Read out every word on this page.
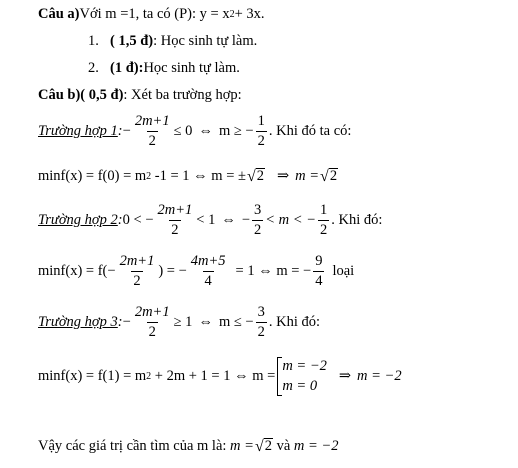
Câu a) Với m =1, ta có (P): y = x 2 + 3x.
1. ( 1,5 đ) : Học sinh tự làm.
2. (1 đ): Học sinh tự làm.
Câu b)( 0,5 đ) : Xét ba trường hợp:
Trường hợp 1 : − $\frac{2m+1}{2} \le 0$ ⇔ m ≥ − $\frac{1}{2}$ . Khi đó ta có:
minf(x) = f(0) = m 2 -1 = 1 ⇔ m = ± √ 2 ⇒ m = √ 2
Trường hợp 2 : 0 < − $\frac{2m+1}{2} < 1$ ⇔ − $\frac{3}{2} < m$ < − $\frac{1}{2}$ . Khi đó:
$\min f(x) = f(- \frac{2m+1}{2}$ ) = − $\frac{4m+5}{4} = 1$ ⇔ m = − $\frac{9}{4}$ loại
Trường hợp 3 : − $\frac{2m+1}{2} \ge 1$ ⇔ m ≤ − $\frac{3}{2}$ . Khi đó:
minf(x) = f(1) = m 2 + 2m + 1 = 1 ⇔ m =
m = −2
m = 0
⇒ m = −2
Vậy các giá trị cần tìm của m là: m = √ 2 và m = −2
